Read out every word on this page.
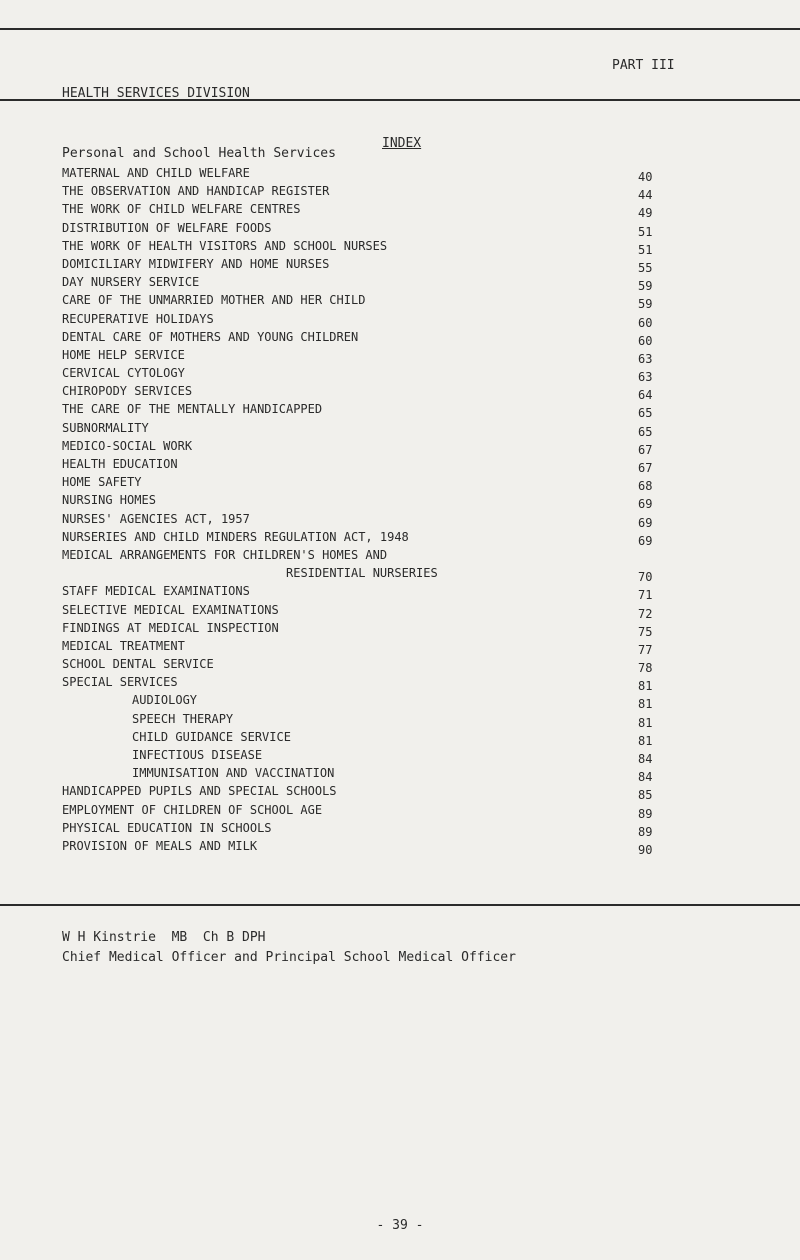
HEALTH SERVICES DIVISION

Personal and School Health Services

PART III
INDEX
MATERNAL AND CHILD WELFARE	40
THE OBSERVATION AND HANDICAP REGISTER	44
THE WORK OF CHILD WELFARE CENTRES	49
DISTRIBUTION OF WELFARE FOODS	51
THE WORK OF HEALTH VISITORS AND SCHOOL NURSES	51
DOMICILIARY MIDWIFERY AND HOME NURSES	55
DAY NURSERY SERVICE	59
CARE OF THE UNMARRIED MOTHER AND HER CHILD	59
RECUPERATIVE HOLIDAYS	60
DENTAL CARE OF MOTHERS AND YOUNG CHILDREN	60
HOME HELP SERVICE	63
CERVICAL CYTOLOGY	63
CHIROPODY SERVICES	64
THE CARE OF THE MENTALLY HANDICAPPED	65
SUBNORMALITY	65
MEDICO-SOCIAL WORK	67
HEALTH EDUCATION	67
HOME SAFETY	68
NURSING HOMES	69
NURSES' AGENCIES ACT, 1957	69
NURSERIES AND CHILD MINDERS REGULATION ACT, 1948	69
MEDICAL ARRANGEMENTS FOR CHILDREN'S HOMES AND
RESIDENTIAL NURSERIES	70
STAFF MEDICAL EXAMINATIONS	71
SELECTIVE MEDICAL EXAMINATIONS	72
FINDINGS AT MEDICAL INSPECTION	75
MEDICAL TREATMENT	77
SCHOOL DENTAL SERVICE	78
SPECIAL SERVICES	81
AUDIOLOGY	81
SPEECH THERAPY	81
CHILD GUIDANCE SERVICE	81
INFECTIOUS DISEASE	84
IMMUNISATION AND VACCINATION	84
HANDICAPPED PUPILS AND SPECIAL SCHOOLS	85
EMPLOYMENT OF CHILDREN OF SCHOOL AGE	89
PHYSICAL EDUCATION IN SCHOOLS	89
PROVISION OF MEALS AND MILK	90
W H Kinstrie  MB  Ch B DPH
Chief Medical Officer and Principal School Medical Officer
- 39 -
